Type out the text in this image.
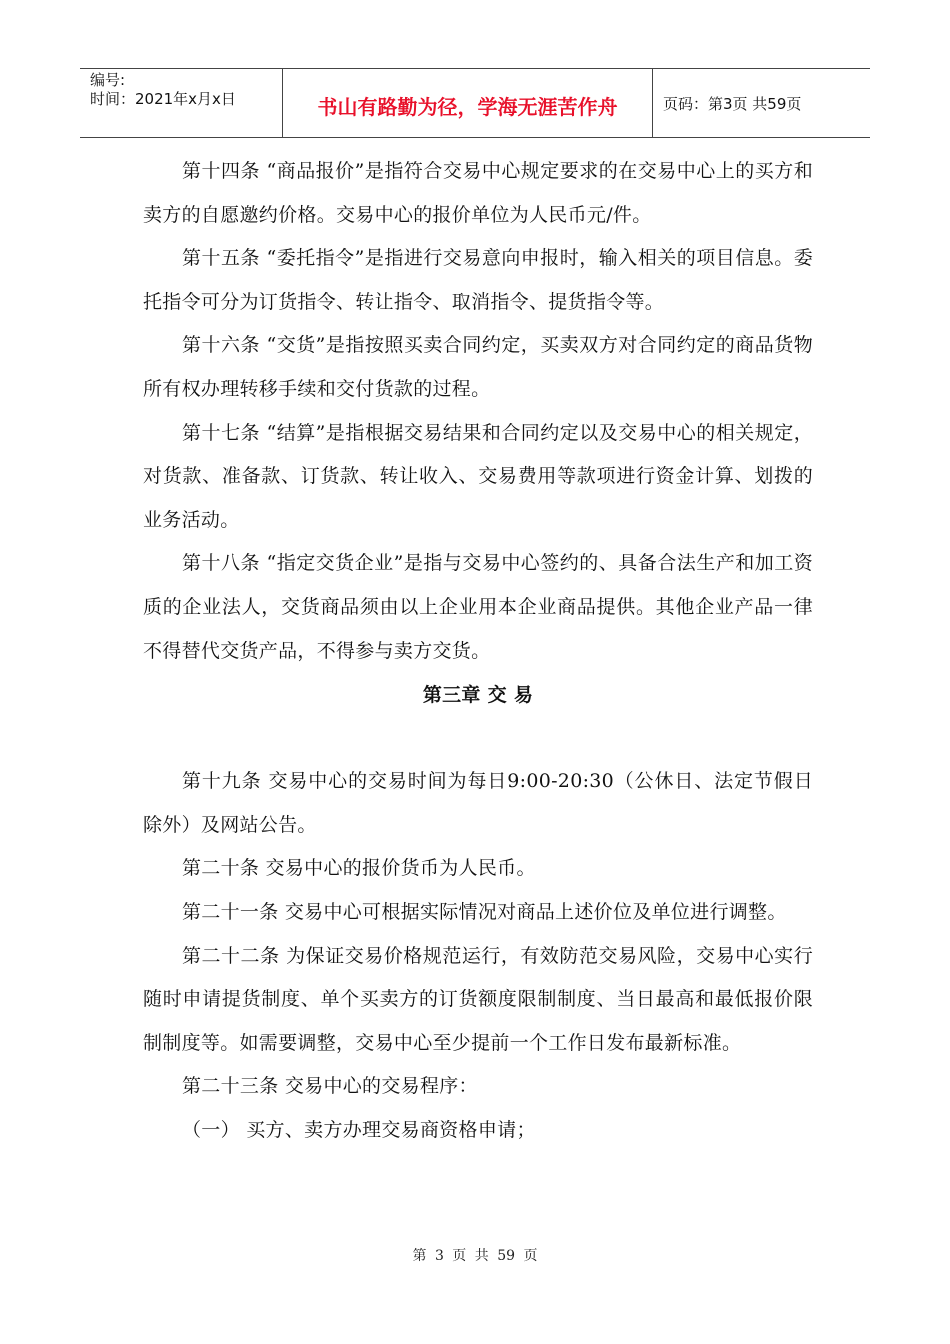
编号:
时间：2021年x月x日	书山有路勤为径，学海无涯苦作舟	页码：第3页 共59页

第十四条 “商品报价”是指符合交易中心规定要求的在交易中心上的买方和卖方的自愿邀约价格。交易中心的报价单位为人民币元/件。

第十五条 “委托指令”是指进行交易意向申报时，输入相关的项目信息。委托指令可分为订货指令、转让指令、取消指令、提货指令等。

第十六条 “交货”是指按照买卖合同约定，买卖双方对合同约定的商品货物所有权办理转移手续和交付货款的过程。

第十七条 “结算”是指根据交易结果和合同约定以及交易中心的相关规定，对货款、准备款、订货款、转让收入、交易费用等款项进行资金计算、划拨的业务活动。

第十八条 “指定交货企业”是指与交易中心签约的、具备合法生产和加工资质的企业法人，交货商品须由以上企业用本企业商品提供。其他企业产品一律不得替代交货产品，不得参与卖方交货。

第三章 交 易

第十九条 交易中心的交易时间为每日9:00-20:30（公休日、法定节假日除外）及网站公告。

第二十条 交易中心的报价货币为人民币。

第二十一条 交易中心可根据实际情况对商品上述价位及单位进行调整。

第二十二条 为保证交易价格规范运行，有效防范交易风险，交易中心实行随时申请提货制度、单个买卖方的订货额度限制制度、当日最高和最低报价限制制度等。如需要调整，交易中心至少提前一个工作日发布最新标准。

第二十三条 交易中心的交易程序：

（一） 买方、卖方办理交易商资格申请；

第 3 页 共 59 页
